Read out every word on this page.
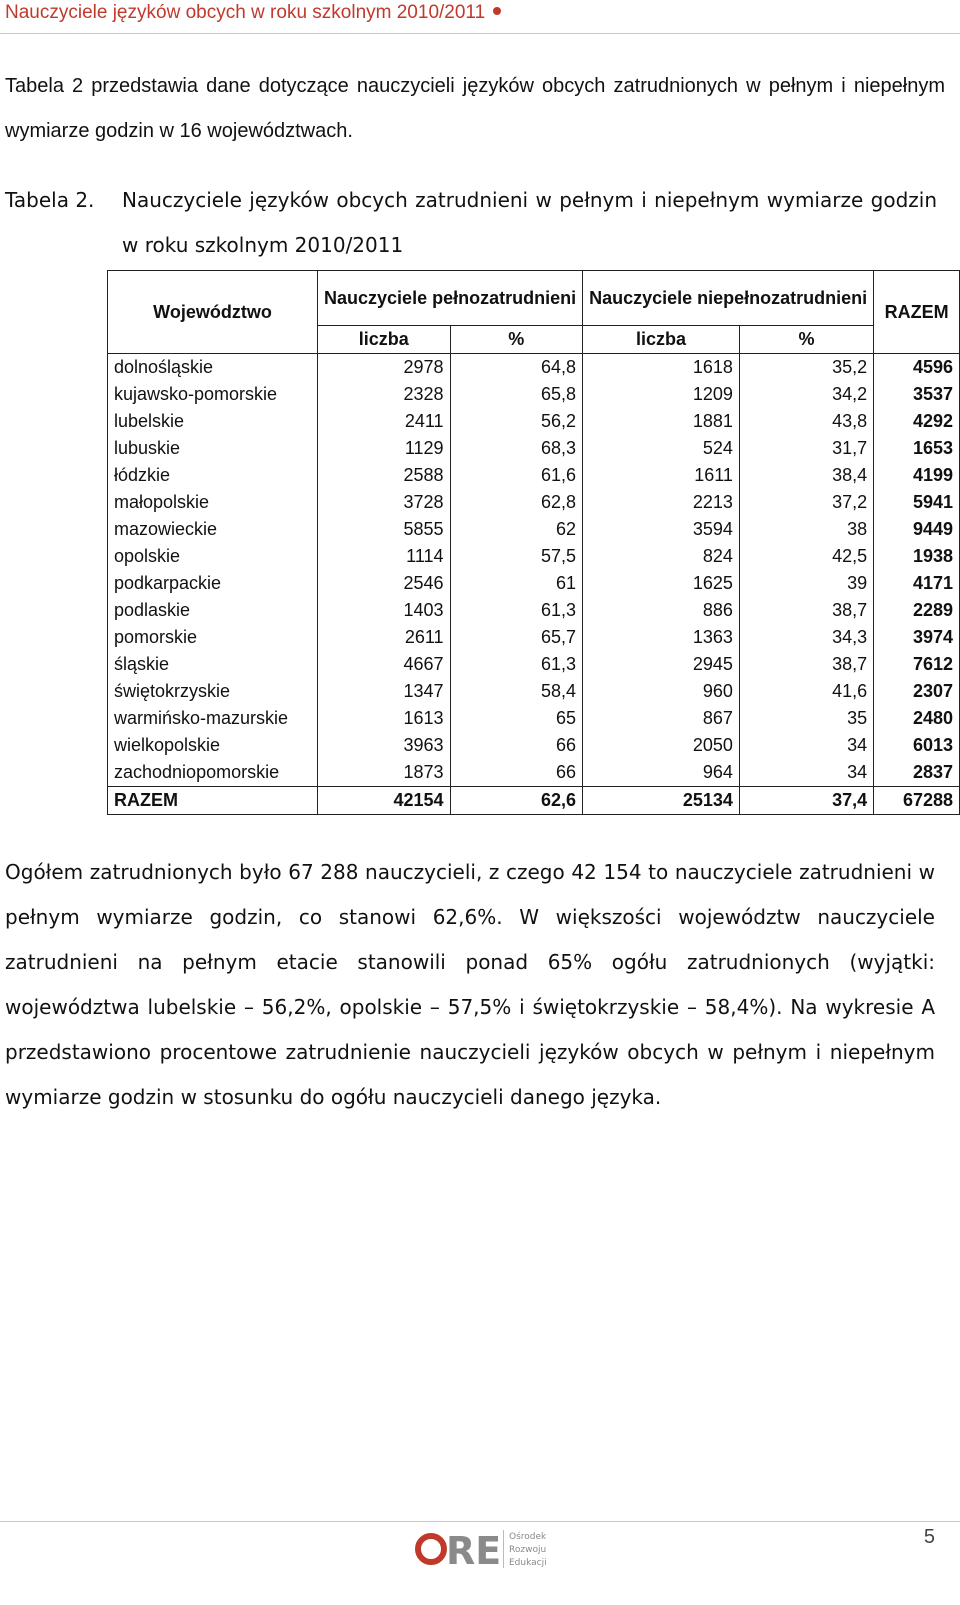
Nauczyciele języków obcych w roku szkolnym 2010/2011
Tabela 2 przedstawia dane dotyczące nauczycieli języków obcych zatrudnionych w pełnym i niepełnym wymiarze godzin w 16 województwach.
Tabela 2. Nauczyciele języków obcych zatrudnieni w pełnym i niepełnym wymiarze godzin w roku szkolnym 2010/2011
Województwo	Nauczyciele pełnozatrudnieni		Nauczyciele niepełnozatrudnieni		RAZEM
	liczba	%	liczba	%	
dolnośląskie	2978	64,8	1618	35,2	4596
kujawsko-pomorskie	2328	65,8	1209	34,2	3537
lubelskie	2411	56,2	1881	43,8	4292
lubuskie	1129	68,3	524	31,7	1653
łódzkie	2588	61,6	1611	38,4	4199
małopolskie	3728	62,8	2213	37,2	5941
mazowieckie	5855	62	3594	38	9449
opolskie	1114	57,5	824	42,5	1938
podkarpackie	2546	61	1625	39	4171
podlaskie	1403	61,3	886	38,7	2289
pomorskie	2611	65,7	1363	34,3	3974
śląskie	4667	61,3	2945	38,7	7612
świętokrzyskie	1347	58,4	960	41,6	2307
warmińsko-mazurskie	1613	65	867	35	2480
wielkopolskie	3963	66	2050	34	6013
zachodniopomorskie	1873	66	964	34	2837
RAZEM	42154	62,6	25134	37,4	67288
Ogółem zatrudnionych było 67 288 nauczycieli, z czego 42 154 to nauczyciele zatrudnieni w pełnym wymiarze godzin, co stanowi 62,6%. W większości województw nauczyciele zatrudnieni na pełnym etacie stanowili ponad 65% ogółu zatrudnionych (wyjątki: województwa lubelskie – 56,2%, opolskie – 57,5% i świętokrzyskie – 58,4%). Na wykresie A przedstawiono procentowe zatrudnienie nauczycieli języków obcych w pełnym i niepełnym wymiarze godzin w stosunku do ogółu nauczycieli danego języka.
RE Ośrodek
Rozwoju
Edukacji
5
